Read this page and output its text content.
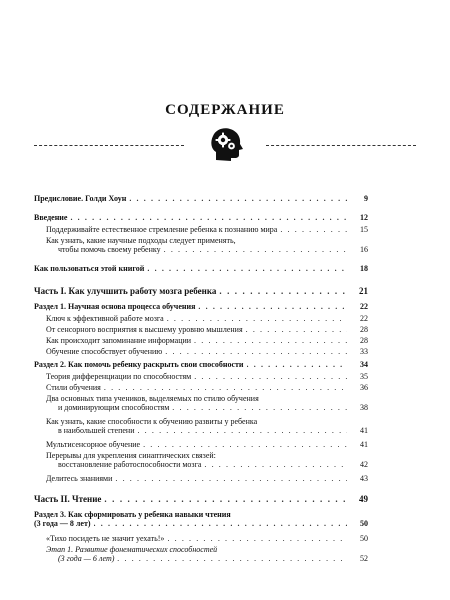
СОДЕРЖАНИЕ
Предисловие. Голди Хоун . . .	9
Введение . . .	12
Поддерживайте естественное стремление ребенка к познанию мира . . .	15
Как узнать, какие научные подходы следует применять,
чтобы помочь своему ребенку . . .	16
Как пользоваться этой книгой . . .	18
Часть I. Как улучшить работу мозга ребенка . . .	21
Раздел 1. Научная основа процесса обучения . . .	22
Ключ к эффективной работе мозга . . .	22
От сенсорного восприятия к высшему уровню мышления . . .	28
Как происходит запоминание информации . . .	28
Обучение способствует обучению . . .	33
Раздел 2. Как помочь ребенку раскрыть свои способности . . .	34
Теория дифференциации по способностям . . .	35
Стили обучения . . .	36
Два основных типа учеников, выделяемых по стилю обучения
и доминирующим способностям . . .	38
Как узнать, какие способности к обучению развиты у ребенка
в наибольшей степени . . .	41
Мультисенсорное обучение . . .	41
Перерывы для укрепления синаптических связей:
восстановление работоспособности мозга . . .	42
Делитесь знаниями . . .	43
Часть II. Чтение . . .	49
Раздел 3. Как сформировать у ребенка навыки чтения
(3 года — 8 лет) . . .	50
«Тихо посидеть не значит уехать!» . . .	50
Этап 1. Развитие фонематических способностей
(3 года — 6 лет) . . .	52
